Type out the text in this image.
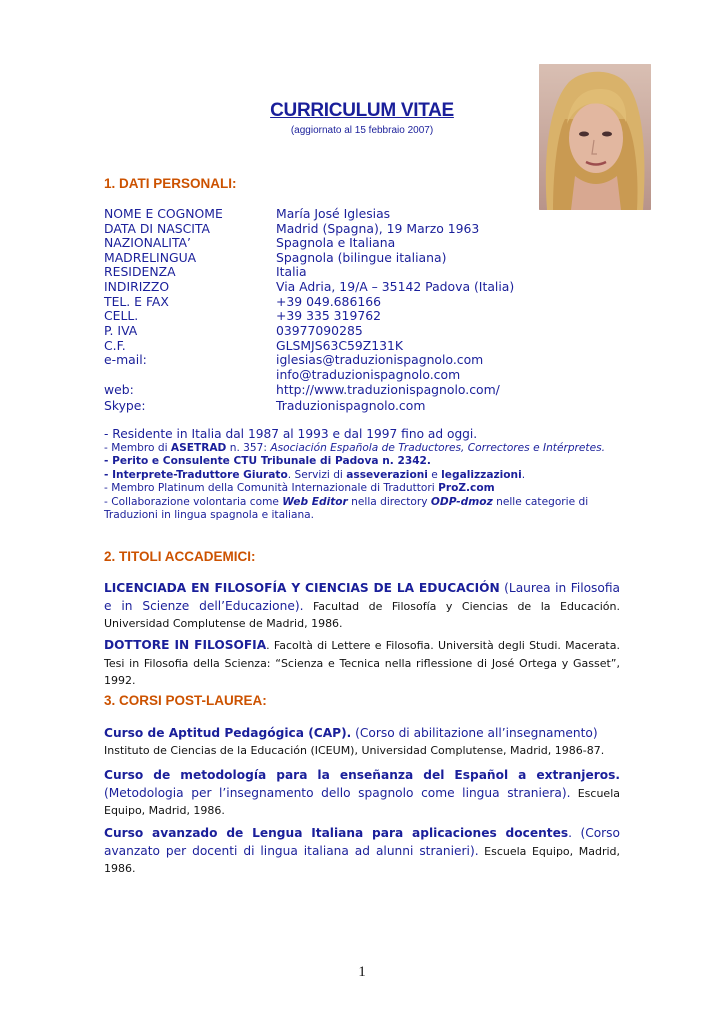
CURRICULUM VITAE
(aggiornato al 15 febbraio 2007)
1. DATI PERSONALI:
NOME E COGNOME	María José Iglesias
DATA DI NASCITA	Madrid (Spagna), 19 Marzo 1963
NAZIONALITA’	Spagnola e Italiana
MADRELINGUA	Spagnola (bilingue italiana)
RESIDENZA	Italia
INDIRIZZO	Via Adria, 19/A – 35142 Padova (Italia)
TEL. E FAX	+39 049.686166
CELL.	+39 335 319762
P. IVA	03977090285
C.F.	GLSMJS63C59Z131K
e-mail:	iglesias@traduzionispagnolo.com
info@traduzionispagnolo.com
web:	http://www.traduzionispagnolo.com/
Skype:	Traduzionispagnolo.com
- Residente in Italia dal 1987 al 1993 e dal 1997 fino ad oggi.
- Membro di ASETRAD n. 357: Asociación Española de Traductores, Correctores e Intérpretes.
- Perito e Consulente CTU Tribunale di Padova n. 2342.
- Interprete-Traduttore Giurato. Servizi di asseverazioni e legalizzazioni.
- Membro Platinum della Comunità Internazionale di Traduttori ProZ.com
- Collaborazione volontaria come Web Editor nella directory ODP-dmoz nelle categorie di Traduzioni in lingua spagnola e italiana.
2. TITOLI ACCADEMICI:

LICENCIADA EN FILOSOFÍA Y CIENCIAS DE LA EDUCACIÓN (Laurea in Filosofia e in Scienze dell’Educazione). Facultad de Filosofía y Ciencias de la Educación. Universidad Complutense de Madrid, 1986.

DOTTORE IN FILOSOFIA. Facoltà di Lettere e Filosofia. Università degli Studi. Macerata. Tesi in Filosofia della Scienza: “Scienza e Tecnica nella riflessione di José Ortega y Gasset”, 1992.

3. CORSI POST-LAUREA:

Curso de Aptitud Pedagógica (CAP). (Corso di abilitazione all’insegnamento)

Instituto de Ciencias de la Educación (ICEUM), Universidad Complutense, Madrid, 1986-87.

Curso de metodología para la enseñanza del Español a extranjeros. (Metodologia per l’insegnamento dello spagnolo come lingua straniera). Escuela Equipo, Madrid, 1986.

Curso avanzado de Lengua Italiana para aplicaciones docentes. (Corso avanzato per docenti di lingua italiana ad alunni stranieri). Escuela Equipo, Madrid, 1986.

1
